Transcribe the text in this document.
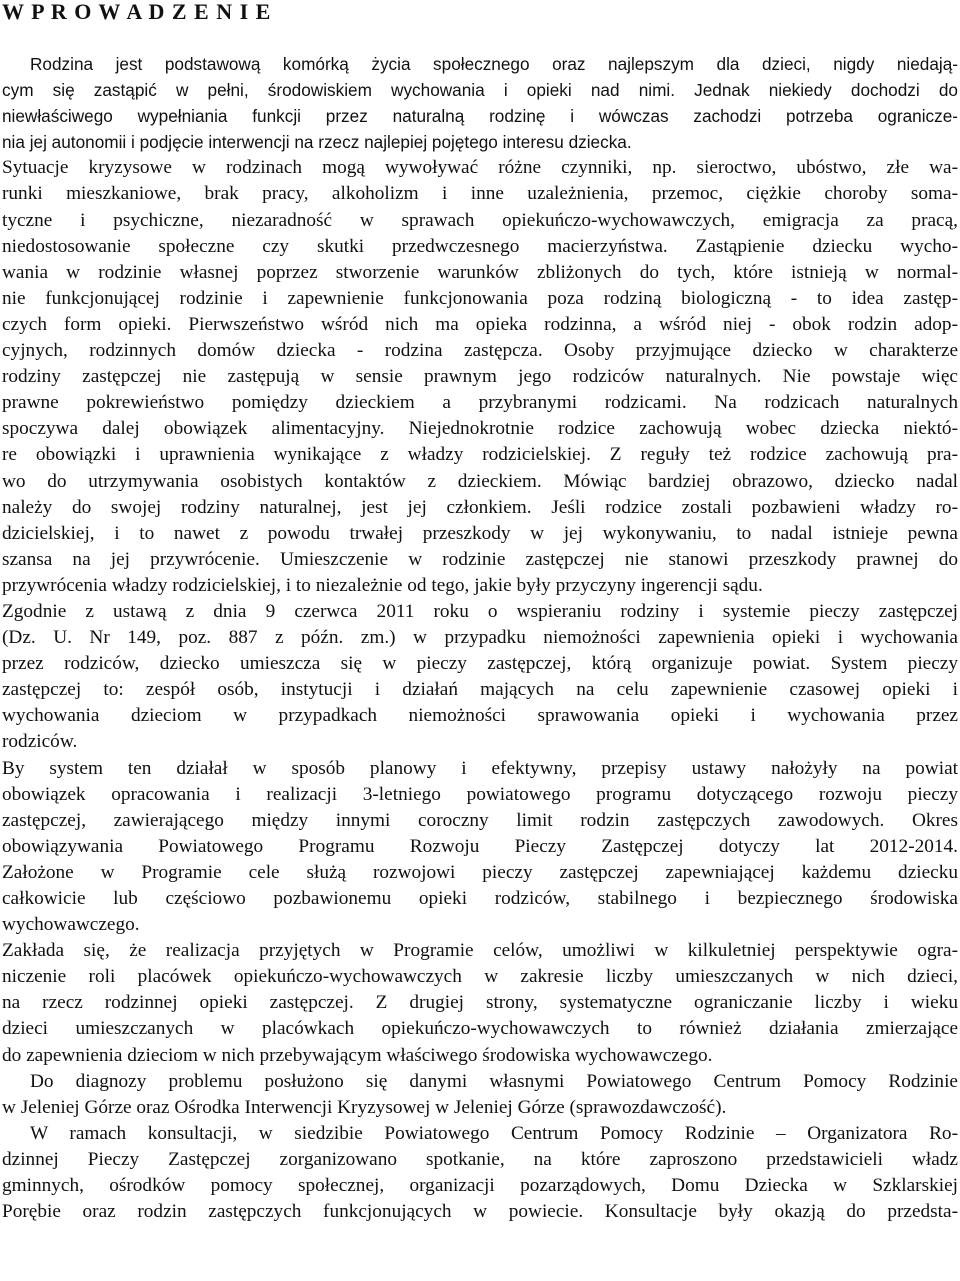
W P R O W A D Z E N I E
Rodzina jest podstawową komórką życia społecznego oraz najlepszym dla dzieci, nigdy niedają-
cym się zastąpić w pełni, środowiskiem wychowania i opieki nad nimi. Jednak niekiedy dochodzi do
niewłaściwego wypełniania funkcji przez naturalną rodzinę i wówczas zachodzi potrzeba ogranicze-
nia jej autonomii i podjęcie interwencji na rzecz najlepiej pojętego interesu dziecka.
Sytuacje kryzysowe w rodzinach mogą wywoływać różne czynniki, np. sieroctwo, ubóstwo, złe wa-
runki mieszkaniowe, brak pracy, alkoholizm i inne uzależnienia, przemoc, ciężkie choroby soma-
tyczne i psychiczne, niezaradność w sprawach opiekuńczo-wychowawczych, emigracja za pracą,
niedostosowanie społeczne czy skutki przedwczesnego macierzyństwa. Zastąpienie dziecku wycho-
wania w rodzinie własnej poprzez stworzenie warunków zbliżonych do tych, które istnieją w normal-
nie funkcjonującej rodzinie i zapewnienie funkcjonowania poza rodziną biologiczną - to idea zastęp-
czych form opieki. Pierwszeństwo wśród nich ma opieka rodzinna, a wśród niej - obok rodzin adop-
cyjnych, rodzinnych domów dziecka - rodzina zastępcza. Osoby przyjmujące dziecko w charakterze
rodziny zastępczej nie zastępują w sensie prawnym jego rodziców naturalnych. Nie powstaje więc
prawne pokrewieństwo pomiędzy dzieckiem a przybranymi rodzicami. Na rodzicach naturalnych
spoczywa dalej obowiązek alimentacyjny. Niejednokrotnie rodzice zachowują wobec dziecka niektó-
re obowiązki i uprawnienia wynikające z władzy rodzicielskiej. Z reguły też rodzice zachowują pra-
wo do utrzymywania osobistych kontaktów z dzieckiem. Mówiąc bardziej obrazowo, dziecko nadal
należy do swojej rodziny naturalnej, jest jej członkiem. Jeśli rodzice zostali pozbawieni władzy ro-
dzicielskiej, i to nawet z powodu trwałej przeszkody w jej wykonywaniu, to nadal istnieje pewna
szansa na jej przywrócenie. Umieszczenie w rodzinie zastępczej nie stanowi przeszkody prawnej do
przywrócenia władzy rodzicielskiej, i to niezależnie od tego, jakie były przyczyny ingerencji sądu.
Zgodnie z ustawą z dnia 9 czerwca 2011 roku o wspieraniu rodziny i systemie pieczy zastępczej
(Dz. U. Nr 149, poz. 887 z późn. zm.) w przypadku niemożności zapewnienia opieki i wychowania
przez rodziców, dziecko umieszcza się w pieczy zastępczej, którą organizuje powiat. System pieczy
zastępczej to: zespół osób, instytucji i działań mających na celu zapewnienie czasowej opieki i
wychowania dzieciom w przypadkach niemożności sprawowania opieki i wychowania przez
rodziców.
By system ten działał w sposób planowy i efektywny, przepisy ustawy nałożyły na powiat
obowiązek opracowania i realizacji 3-letniego powiatowego programu dotyczącego rozwoju pieczy
zastępczej, zawierającego między innymi coroczny limit rodzin zastępczych zawodowych. Okres
obowiązywania Powiatowego Programu Rozwoju Pieczy Zastępczej dotyczy lat 2012-2014.
Założone w Programie cele służą rozwojowi pieczy zastępczej zapewniającej każdemu dziecku
całkowicie lub częściowo pozbawionemu opieki rodziców, stabilnego i bezpiecznego środowiska
wychowawczego.
Zakłada się, że realizacja przyjętych w Programie celów, umożliwi w kilkuletniej perspektywie ogra-
niczenie roli placówek opiekuńczo-wychowawczych w zakresie liczby umieszczanych w nich dzieci,
na rzecz rodzinnej opieki zastępczej. Z drugiej strony, systematyczne ograniczanie liczby i wieku
dzieci umieszczanych w placówkach opiekuńczo-wychowawczych to również działania zmierzające
do zapewnienia dzieciom w nich przebywającym właściwego środowiska wychowawczego.
Do diagnozy problemu posłużono się danymi własnymi Powiatowego Centrum Pomocy Rodzinie
w Jeleniej Górze oraz Ośrodka Interwencji Kryzysowej w Jeleniej Górze (sprawozdawczość).
W ramach konsultacji, w siedzibie Powiatowego Centrum Pomocy Rodzinie – Organizatora Ro-
dzinnej Pieczy Zastępczej zorganizowano spotkanie, na które zaproszono przedstawicieli władz
gminnych, ośrodków pomocy społecznej, organizacji pozarządowych, Domu Dziecka w Szklarskiej
Porębie oraz rodzin zastępczych funkcjonujących w powiecie. Konsultacje były okazją do przedsta-
